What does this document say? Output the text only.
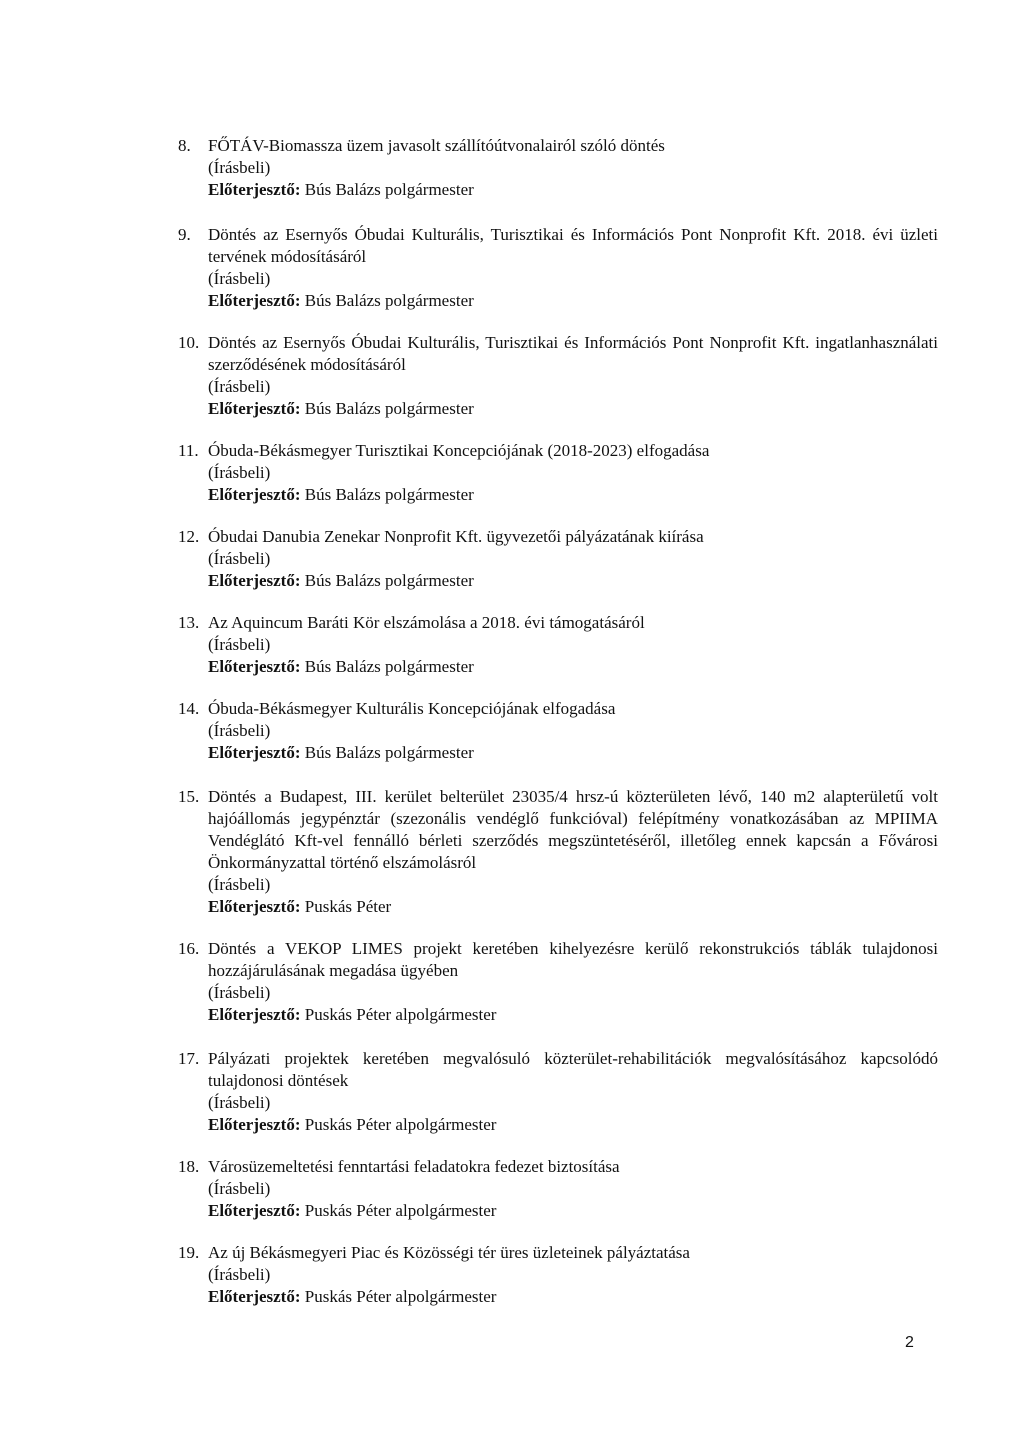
8. FŐTÁV-Biomassza üzem javasolt szállítóútvonalairól szóló döntés
(Írásbeli)
Előterjesztő: Bús Balázs polgármester
9. Döntés az Esernyős Óbudai Kulturális, Turisztikai és Információs Pont Nonprofit Kft. 2018. évi üzleti tervének módosításáról
(Írásbeli)
Előterjesztő: Bús Balázs polgármester
10. Döntés az Esernyős Óbudai Kulturális, Turisztikai és Információs Pont Nonprofit Kft. ingatlanhasználati szerződésének módosításáról
(Írásbeli)
Előterjesztő: Bús Balázs polgármester
11. Óbuda-Békásmegyer Turisztikai Koncepciójának (2018-2023) elfogadása
(Írásbeli)
Előterjesztő: Bús Balázs polgármester
12. Óbudai Danubia Zenekar Nonprofit Kft. ügyvezetői pályázatának kiírása
(Írásbeli)
Előterjesztő: Bús Balázs polgármester
13. Az Aquincum Baráti Kör elszámolása a 2018. évi támogatásáról
(Írásbeli)
Előterjesztő: Bús Balázs polgármester
14. Óbuda-Békásmegyer Kulturális Koncepciójának elfogadása
(Írásbeli)
Előterjesztő: Bús Balázs polgármester
15. Döntés a Budapest, III. kerület belterület 23035/4 hrsz-ú közterületen lévő, 140 m2 alapterületű volt hajóállomás jegypénztár (szezonális vendéglő funkcióval) felépítmény vonatkozásában az MPIIMA Vendéglátó Kft-vel fennálló bérleti szerződés megszüntetéséről, illetőleg ennek kapcsán a Fővárosi Önkormányzattal történő elszámolásról
(Írásbeli)
Előterjesztő: Puskás Péter
16. Döntés a VEKOP LIMES projekt keretében kihelyezésre kerülő rekonstrukciós táblák tulajdonosi hozzájárulásának megadása ügyében
(Írásbeli)
Előterjesztő: Puskás Péter alpolgármester
17. Pályázati projektek keretében megvalósuló közterület-rehabilitációk megvalósításához kapcsolódó tulajdonosi döntések
(Írásbeli)
Előterjesztő: Puskás Péter alpolgármester
18. Városüzemeltetési fenntartási feladatokra fedezet biztosítása
(Írásbeli)
Előterjesztő: Puskás Péter alpolgármester
19. Az új Békásmegyeri Piac és Közösségi tér üres üzleteinek pályáztatása
(Írásbeli)
Előterjesztő: Puskás Péter alpolgármester
2
